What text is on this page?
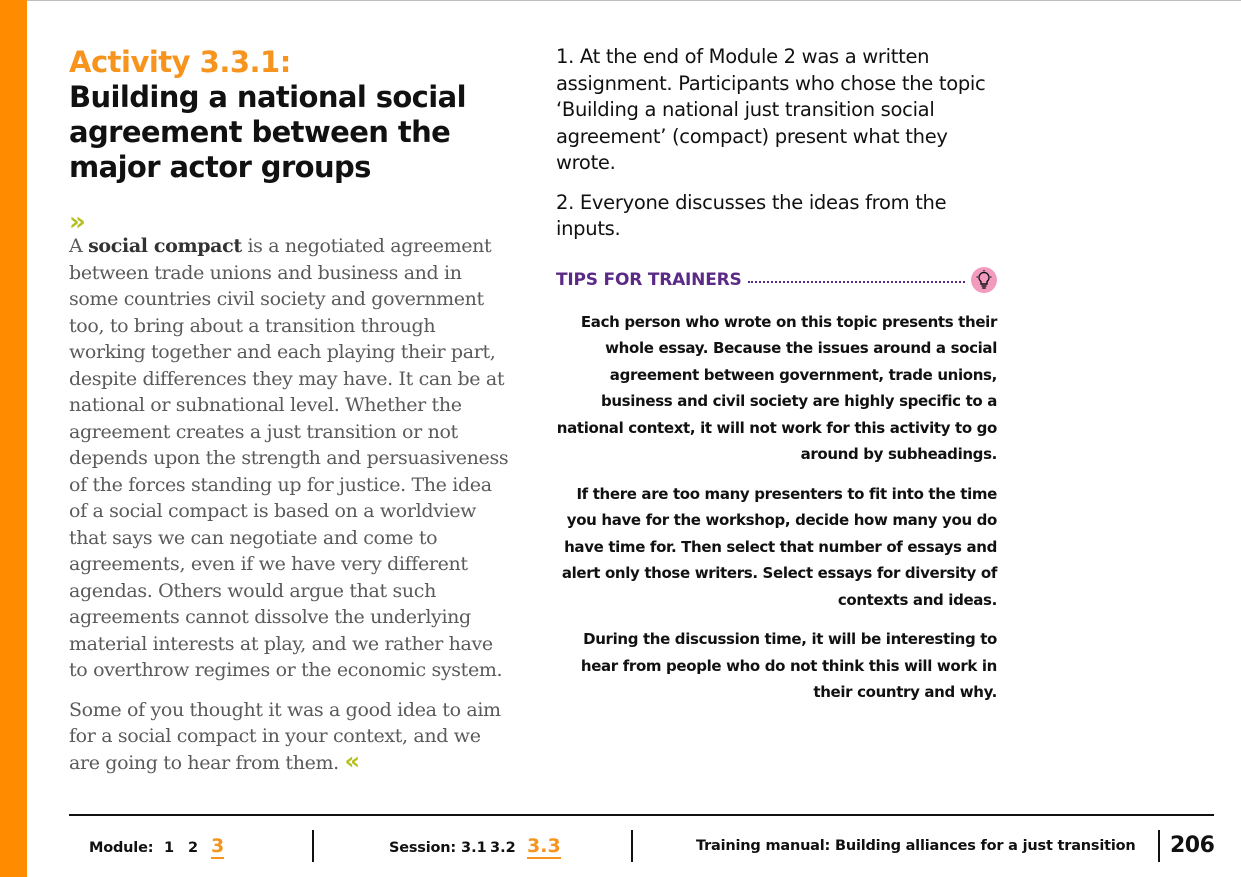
Activity 3.3.1:
Building a national social agreement between the major actor groups
»

A social compact is a negotiated agreement between trade unions and business and in some countries civil society and government too, to bring about a transition through working together and each playing their part, despite differences they may have. It can be at national or subnational level. Whether the agreement creates a just transition or not depends upon the strength and persuasiveness of the forces standing up for justice. The idea of a social compact is based on a worldview that says we can negotiate and come to agreements, even if we have very different agendas. Others would argue that such agreements cannot dissolve the underlying material interests at play, and we rather have to overthrow regimes or the economic system.

Some of you thought it was a good idea to aim for a social compact in your context, and we are going to hear from them. «

1. At the end of Module 2 was a written assignment. Participants who chose the topic ‘Building a national just transition social agreement’ (compact) present what they wrote.

2. Everyone discusses the ideas from the inputs.

TIPS FOR TRAINERS

Each person who wrote on this topic presents their whole essay. Because the issues around a social agreement between government, trade unions, business and civil society are highly specific to a national context, it will not work for this activity to go around by subheadings.

If there are too many presenters to fit into the time you have for the workshop, decide how many you do have time for. Then select that number of essays and alert only those writers. Select essays for diversity of contexts and ideas.

During the discussion time, it will be interesting to hear from people who do not think this will work in their country and why.

Module: 1 2 3	Session: 3.1 3.2 3.3	Training manual: Building alliances for a just transition 206
